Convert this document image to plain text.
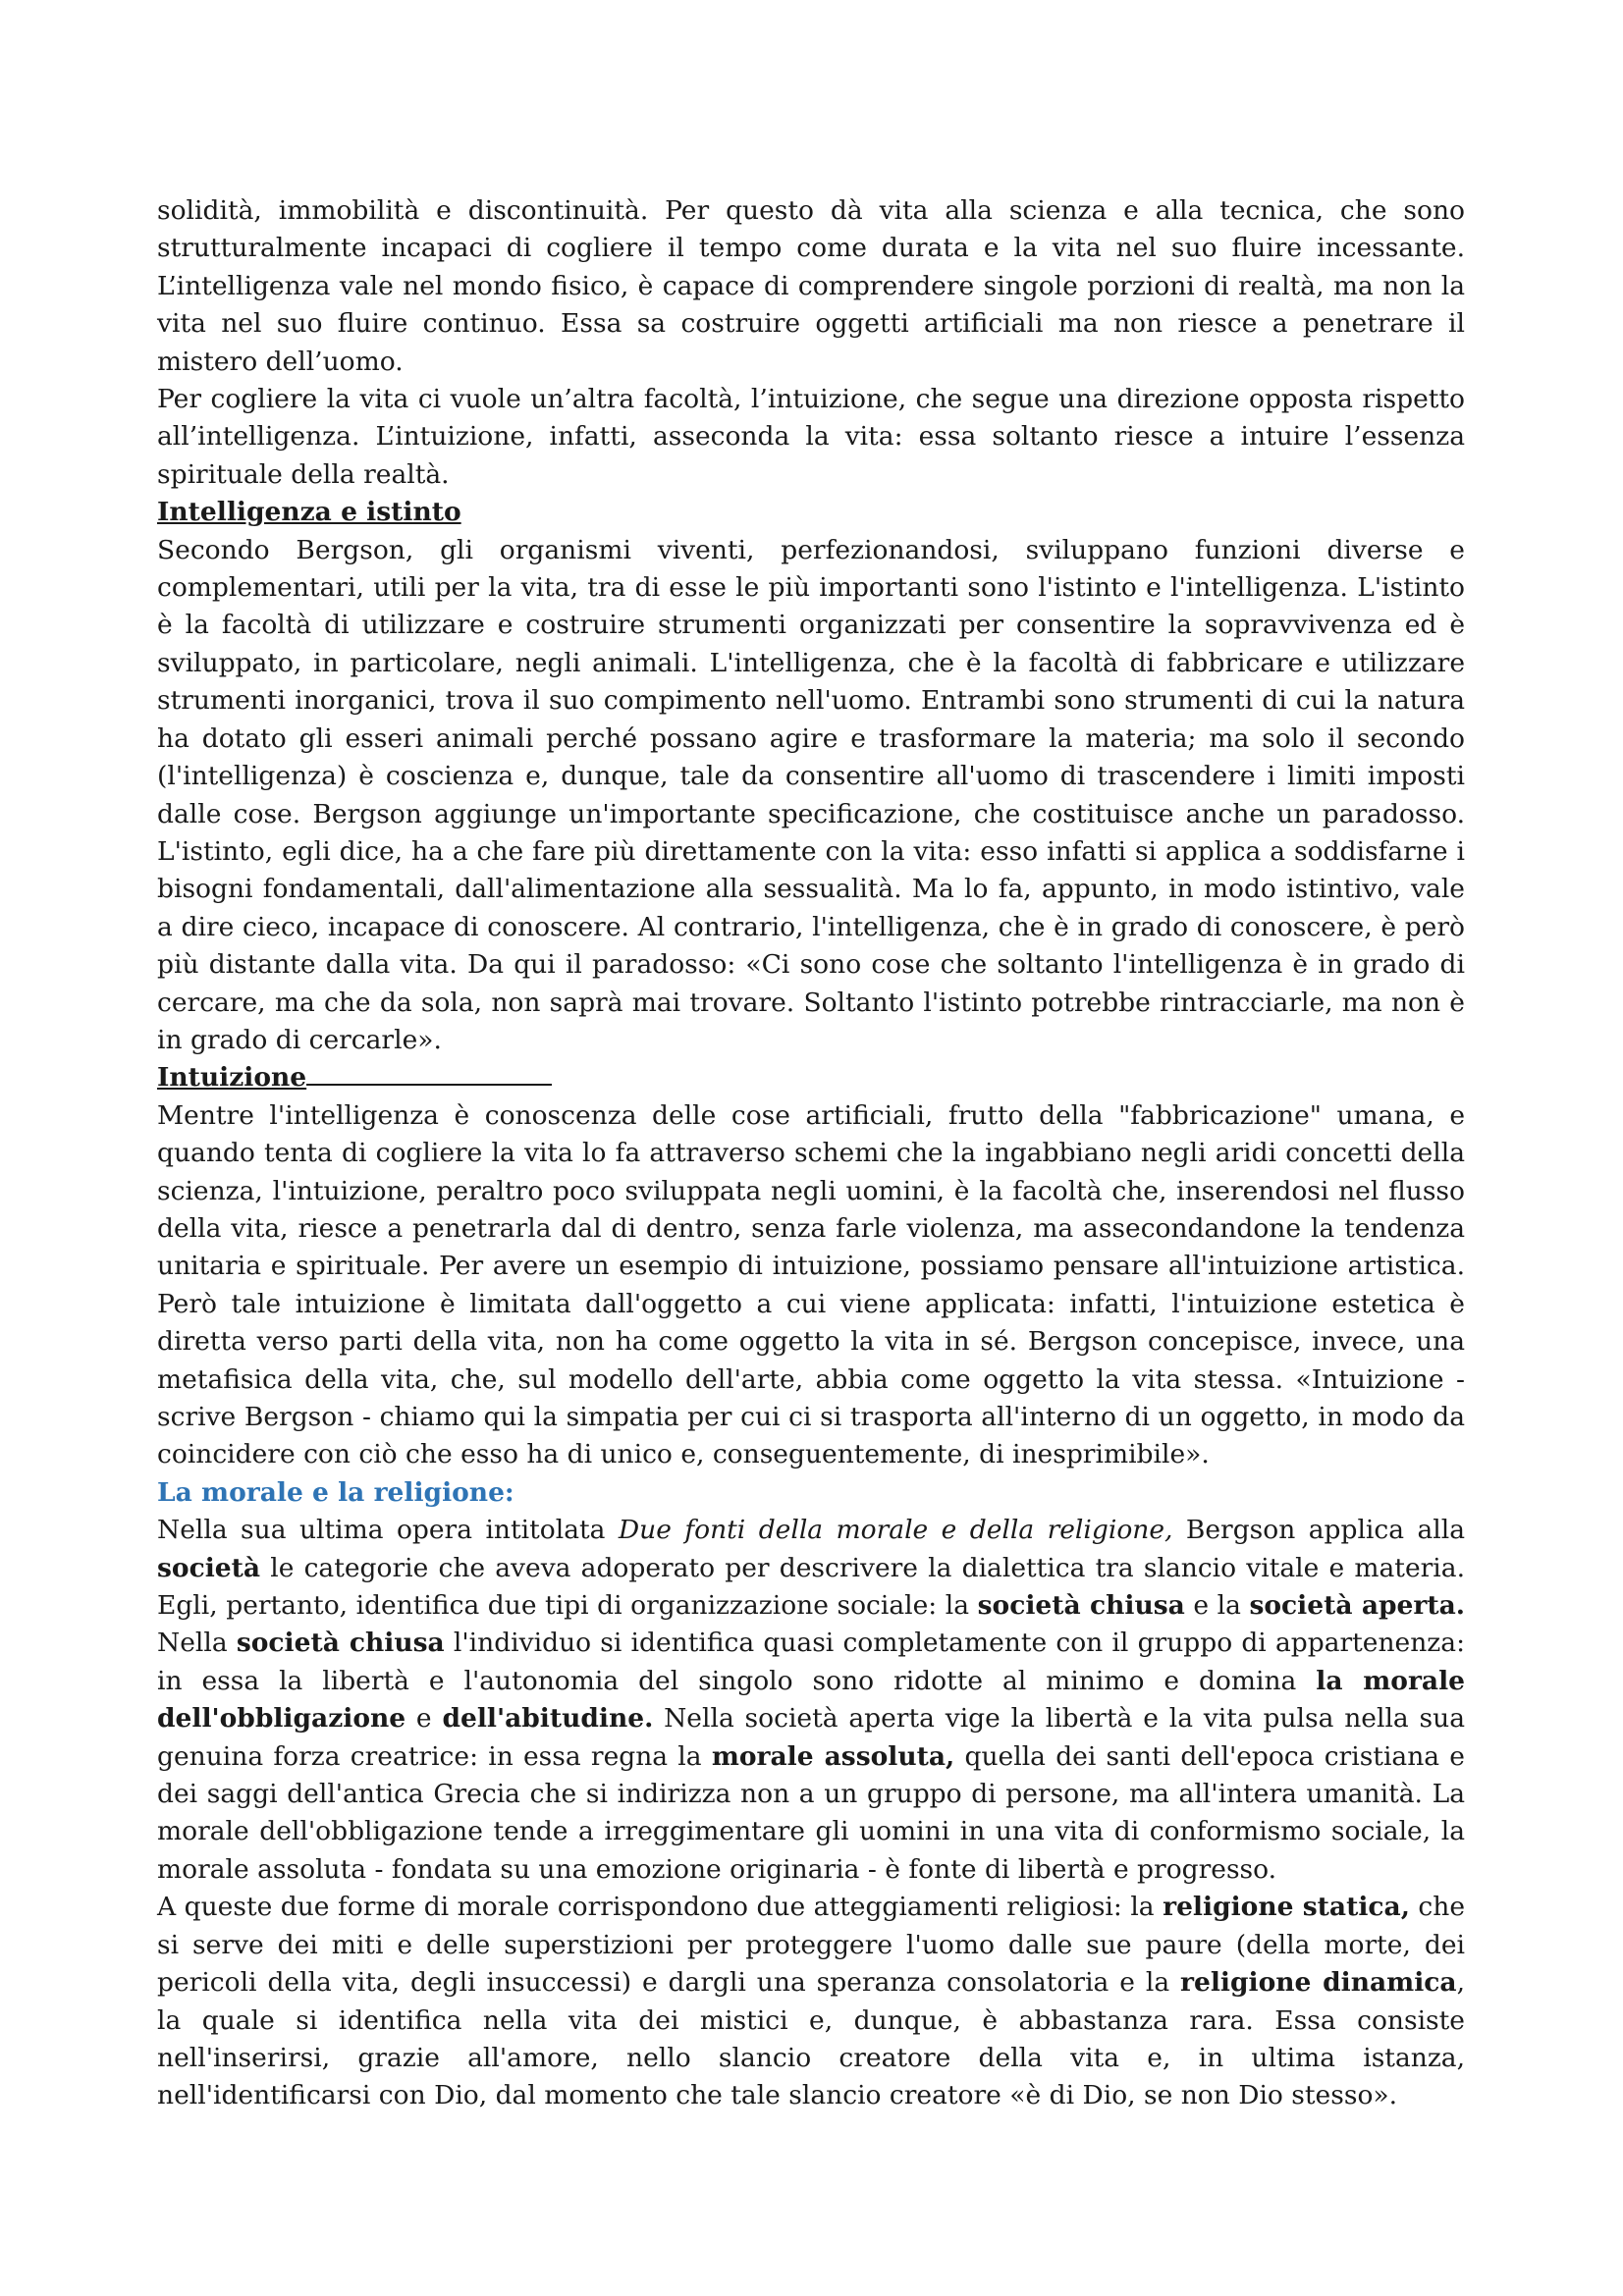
solidità, immobilità e discontinuità. Per questo dà vita alla scienza e alla tecnica, che sono strutturalmente incapaci di cogliere il tempo come durata e la vita nel suo fluire incessante. L’intelligenza vale nel mondo fisico, è capace di comprendere singole porzioni di realtà, ma non la vita nel suo fluire continuo. Essa sa costruire oggetti artificiali ma non riesce a penetrare il mistero dell’uomo.

Per cogliere la vita ci vuole un’altra facoltà, l’intuizione, che segue una direzione opposta rispetto all’intelligenza. L’intuizione, infatti, asseconda la vita: essa soltanto riesce a intuire l’essenza spirituale della realtà.

Intelligenza e istinto

Secondo Bergson, gli organismi viventi, perfezionandosi, sviluppano funzioni diverse e complementari, utili per la vita, tra di esse le più importanti sono l'istinto e l'intelligenza. L'istinto è la facoltà di utilizzare e costruire strumenti organizzati per consentire la sopravvivenza ed è sviluppato, in particolare, negli animali. L'intelligenza, che è la facoltà di fabbricare e utilizzare strumenti inorganici, trova il suo compimento nell'uomo. Entrambi sono strumenti di cui la natura ha dotato gli esseri animali perché possano agire e trasformare la materia; ma solo il secondo (l'intelligenza) è coscienza e, dunque, tale da consentire all'uomo di trascendere i limiti imposti dalle cose. Bergson aggiunge un'importante specificazione, che costituisce anche un paradosso. L'istinto, egli dice, ha a che fare più direttamente con la vita: esso infatti si applica a soddisfarne i bisogni fondamentali, dall'alimentazione alla sessualità. Ma lo fa, appunto, in modo istintivo, vale a dire cieco, incapace di conoscere. Al contrario, l'intelligenza, che è in grado di conoscere, è però più distante dalla vita. Da qui il paradosso: «Ci sono cose che soltanto l'intelligenza è in grado di cercare, ma che da sola, non saprà mai trovare. Soltanto l'istinto potrebbe rintracciarle, ma non è in grado di cercarle».

Intuizione

Mentre l'intelligenza è conoscenza delle cose artificiali, frutto della "fabbricazione" umana, e quando tenta di cogliere la vita lo fa attraverso schemi che la ingabbiano negli aridi concetti della scienza, l'intuizione, peraltro poco sviluppata negli uomini, è la facoltà che, inserendosi nel flusso della vita, riesce a penetrarla dal di dentro, senza farle violenza, ma assecondandone la tendenza unitaria e spirituale. Per avere un esempio di intuizione, possiamo pensare all'intuizione artistica. Però tale intuizione è limitata dall'oggetto a cui viene applicata: infatti, l'intuizione estetica è diretta verso parti della vita, non ha come oggetto la vita in sé. Bergson concepisce, invece, una metafisica della vita, che, sul modello dell'arte, abbia come oggetto la vita stessa. «Intuizione - scrive Bergson - chiamo qui la simpatia per cui ci si trasporta all'interno di un oggetto, in modo da coincidere con ciò che esso ha di unico e, conseguentemente, di inesprimibile».

La morale e la religione:

Nella sua ultima opera intitolata Due fonti della morale e della religione, Bergson applica alla società le categorie che aveva adoperato per descrivere la dialettica tra slancio vitale e materia. Egli, pertanto, identifica due tipi di organizzazione sociale: la società chiusa e la società aperta. Nella società chiusa l'individuo si identifica quasi completamente con il gruppo di appartenenza: in essa la libertà e l'autonomia del singolo sono ridotte al minimo e domina la morale dell'obbligazione e dell'abitudine. Nella società aperta vige la libertà e la vita pulsa nella sua genuina forza creatrice: in essa regna la morale assoluta, quella dei santi dell'epoca cristiana e dei saggi dell'antica Grecia che si indirizza non a un gruppo di persone, ma all'intera umanità. La morale dell'obbligazione tende a irreggimentare gli uomini in una vita di conformismo sociale, la morale assoluta - fondata su una emozione originaria - è fonte di libertà e progresso.

A queste due forme di morale corrispondono due atteggiamenti religiosi: la religione statica, che si serve dei miti e delle superstizioni per proteggere l'uomo dalle sue paure (della morte, dei pericoli della vita, degli insuccessi) e dargli una speranza consolatoria e la religione dinamica, la quale si identifica nella vita dei mistici e, dunque, è abbastanza rara. Essa consiste nell'inserirsi, grazie all'amore, nello slancio creatore della vita e, in ultima istanza, nell'identificarsi con Dio, dal momento che tale slancio creatore «è di Dio, se non Dio stesso».
